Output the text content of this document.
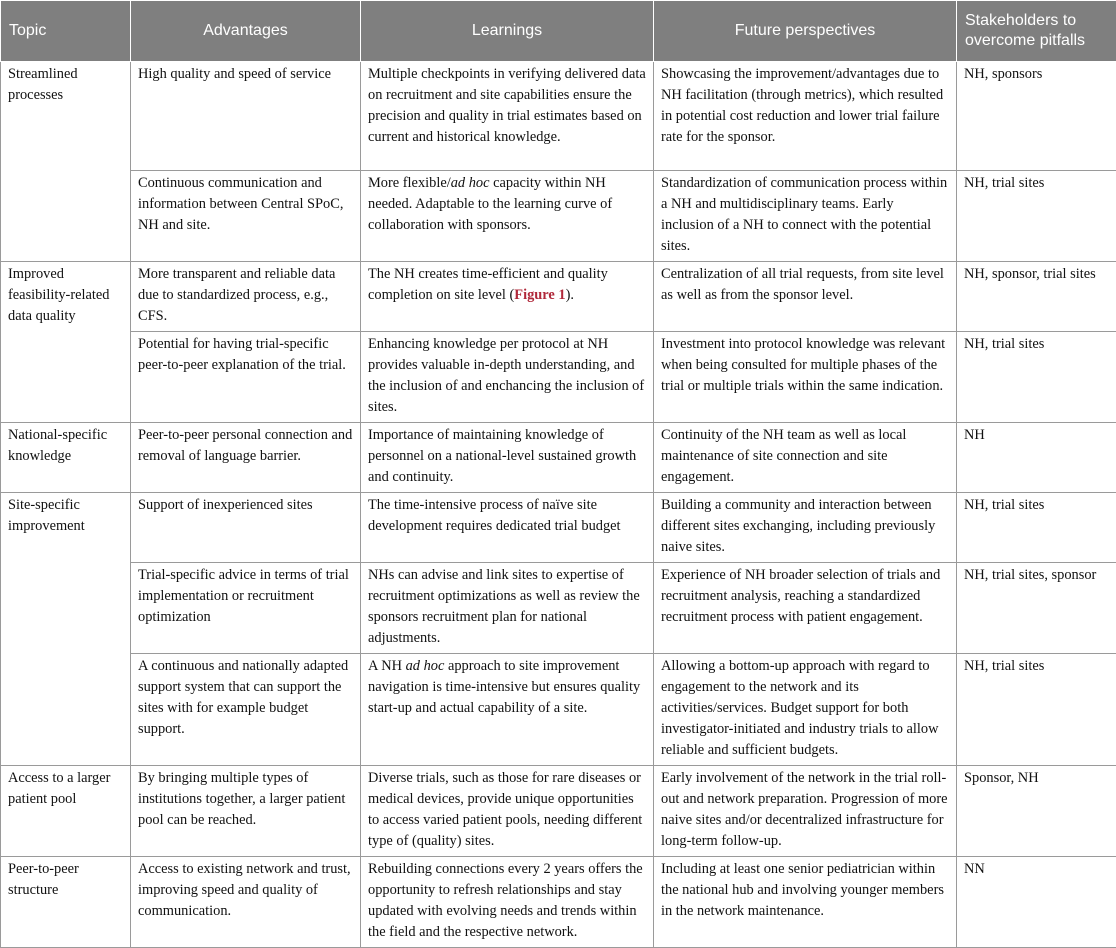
Topic	Advantages	Learnings	Future perspectives	Stakeholders to overcome pitfalls
Streamlined processes	High quality and speed of service	Multiple checkpoints in verifying delivered data on recruitment and site capabilities ensure the precision and quality in trial estimates based on current and historical knowledge.	Showcasing the improvement/advantages due to NH facilitation (through metrics), which resulted in potential cost reduction and lower trial failure rate for the sponsor.	NH, sponsors
	Continuous communication and information between Central SPoC, NH and site.	More flexible/ad hoc capacity within NH needed. Adaptable to the learning curve of collaboration with sponsors.	Standardization of communication process within a NH and multidisciplinary teams. Early inclusion of a NH to connect with the potential sites.	NH, trial sites
Improved feasibility-related data quality	More transparent and reliable data due to standardized process, e.g., CFS.	The NH creates time-efficient and quality completion on site level (Figure 1).	Centralization of all trial requests, from site level as well as from the sponsor level.	NH, sponsor, trial sites
	Potential for having trial-specific peer-to-peer explanation of the trial.	Enhancing knowledge per protocol at NH provides valuable in-depth understanding, and the inclusion of and enchancing the inclusion of sites.	Investment into protocol knowledge was relevant when being consulted for multiple phases of the trial or multiple trials within the same indication.	NH, trial sites
National-specific knowledge	Peer-to-peer personal connection and removal of language barrier.	Importance of maintaining knowledge of personnel on a national-level sustained growth and continuity.	Continuity of the NH team as well as local maintenance of site connection and site engagement.	NH
Site-specific improvement	Support of inexperienced sites	The time-intensive process of naïve site development requires dedicated trial budget	Building a community and interaction between different sites exchanging, including previously naive sites.	NH, trial sites
	Trial-specific advice in terms of trial implementation or recruitment optimization	NHs can advise and link sites to expertise of recruitment optimizations as well as review the sponsors recruitment plan for national adjustments.	Experience of NH broader selection of trials and recruitment analysis, reaching a standardized recruitment process with patient engagement.	NH, trial sites, sponsor
	A continuous and nationally adapted support system that can support the sites with for example budget support.	A NH ad hoc approach to site improvement navigation is time-intensive but ensures quality start-up and actual capability of a site.	Allowing a bottom-up approach with regard to engagement to the network and its activities/services. Budget support for both investigator-initiated and industry trials to allow reliable and sufficient budgets.	NH, trial sites
Access to a larger patient pool	By bringing multiple types of institutions together, a larger patient pool can be reached.	Diverse trials, such as those for rare diseases or medical devices, provide unique opportunities to access varied patient pools, needing different type of (quality) sites.	Early involvement of the network in the trial roll-out and network preparation. Progression of more naive sites and/or decentralized infrastructure for long-term follow-up.	Sponsor, NH
Peer-to-peer structure	Access to existing network and trust, improving speed and quality of communication.	Rebuilding connections every 2 years offers the opportunity to refresh relationships and stay updated with evolving needs and trends within the field and the respective network.	Including at least one senior pediatrician within the national hub and involving younger members in the network maintenance.	NN
